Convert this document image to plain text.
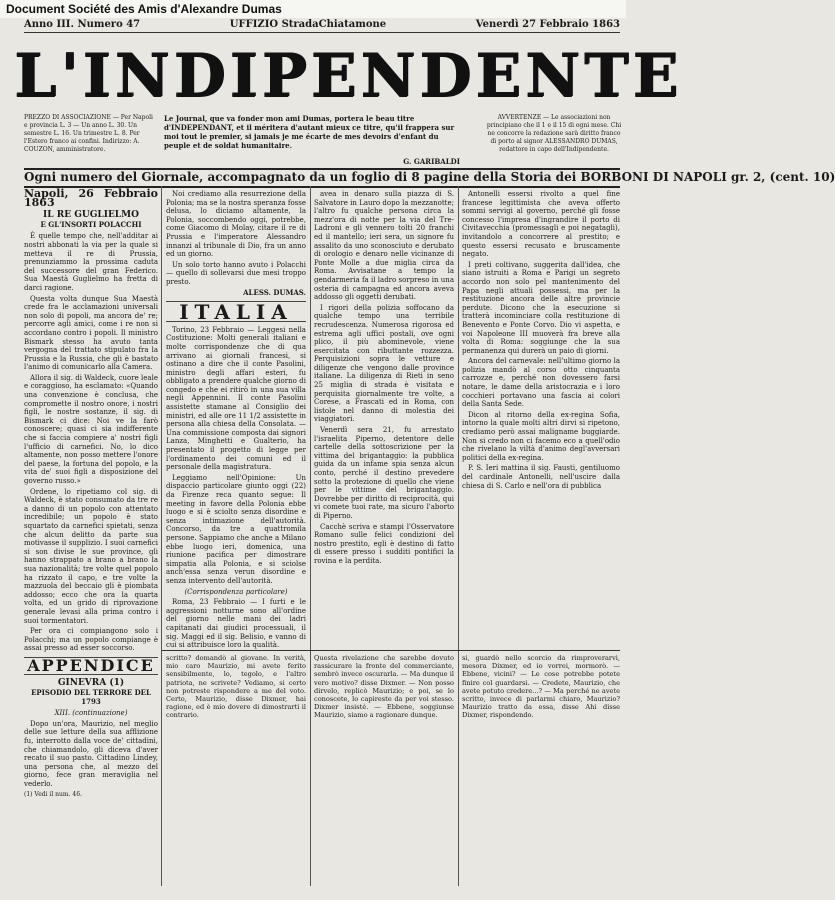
Document Société des Amis d'Alexandre Dumas
Anno III. Numero 47	UFFIZIO StradaChiatamone	Venerdì 27 Febbraio 1863
L'INDIPENDENTE
PREZZO DI ASSOCIAZIONE — Per Napoli e provincia L. 3 — Un anno L. 30. Un semestre L. 16. Un trimestre L. 8. Per l'Estero franco ai confini. Indirizzo: A. COUZON, amministratore.
Le Journal, que va fonder mon ami Dumas, portera le beau titre d'INDEPENDANT, et il méritera d'autant mieux ce titre, qu'il frappera sur moi tout le premier, si jamais je me écarte de mes devoirs d'enfant du peuple et de soldat humanitaire.
G. GARIBALDI
AVVERTENZE — Le associazioni non principiano che il 1 e il 15 di ogni mese. Chi ne concorre la redazione sarà diritto franco di porto al signor ALESSANDRO DUMAS, redattore in capo dell'Indipendente.
Ogni numero del Giornale, accompagnato da un foglio di 8 pagine della Storia dei BORBONI DI NAPOLI gr. 2, (cent. 10)
Napoli, 26 Febbraio 1863
IL RE GUGLIELMO
E GL'INSORTI POLACCHI

È quelle tempo che, nell'additar ai nostri abbonati la via per la quale si metteva il re di Prussia, prenunziammo la prossima caduta del successore del gran Federico. Sua Maestà Guglielmo ha fretta di darci ragione.

Questa volta dunque Sua Maestà crede fra le acclamazioni universali non solo di popoli, ma ancora de' re; percorre agli amici, come i re non si accordano contro i popoli. Il ministro Bismark stesso ha avuto tanta vergogna del trattato stipulato fra la Prussia e la Russia, che gli è bastato l'animo di comunicarlo alla Camera.

Allora il sig. di Waldeck, cuore leale e coraggioso, ha esclamato: «Quando una convenzione è conclusa, che compromette il nostro onore, i nostri figli, le nostre sostanze, il sig. di Bismark ci dice: Noi ve la farò conoscere; quasi ci sia indifferente che si faccia compiere a' nostri figli l'ufficio di carnefici. No, lo dico altamente, non posso mettere l'onore del paese, la fortuna del popolo, e la vita de' suoi figli a disposizione del governo russo.»

Ordene, lo ripetiamo col sig. di Waldeck, è stato consumato da tre re a danno di un popolo con attentato incredibile; un popolo è stato squartato da carnefici spietati, senza che alcun delitto da parte sua motivasse il supplizio. I suoi carnefici si son divise le sue province, gli hanno strappato a brano a brano la sua nazionalità; tre volte quel popolo ha rizzato il capo, e tre volte la mazzuola del beccaio gli è piombata addosso; ecco che ora la quarta volta, ed un grido di riprovazione generale levasi alla prima contro i suoi tormentatori.

Per ora ci compiangono solo i Polacchi; ma un popolo compiange è assai presso ad esser soccorso.

APPENDICE
GINEVRA (1)
EPISODIO DEL TERRORE DEL 1793
XIII. (continuazione)

Dopo un'ora, Maurizio, nel meglio delle sue letture della sua afflizione fu, interrotto dalla voce de' cittadini, che chiamandolo, gli diceva d'aver recato il suo pasto. Cittadino Lindey, una persona che, al mezzo del giorno, fece gran meraviglia nel vederlo.

(1) Vedi il num. 46.

Noi crediamo alla resurrezione della Polonia; ma se la nostra speranza fosse delusa, lo diciamo altamente, la Polonia, soccombendo oggi, potrebbe, come Giacomo di Molay, citare il re di Prussia e l'imperatore Alessandro innanzi al tribunale di Dio, fra un anno ed un giorno.

Un solo torto hanno avuto i Polacchi — quello di sollevarsi due mesi troppo presto.

ALESS. DUMAS.
ITALIA

Torino, 23 Febbraio — Leggesi nella Costituzione: Molti generali italiani e molte corrispondenze che di qua arrivano ai giornali francesi, si ostinano a dire che il conte Pasolini, ministro degli affari esteri, fu obbligato a prendere qualche giorno di congedo e che ei ritirò in una sua villa negli Appennini. Il conte Pasolini assistette stamane al Consiglio dei ministri, ed alle ore 11 1/2 assistette in persona alla chiesa della Consolata. — Una commissione composta dai signori Lanza, Minghetti e Gualterio, ha presentato il progetto di legge per l'ordinamento dei comuni ed il personale della magistratura.

Leggiamo nell'Opinione: Un dispaccio particolare giunto oggi (22) da Firenze reca quanto segue: Il meeting in favore della Polonia ebbe luogo e si è sciolto senza disordine e senza intimazione dell'autorità. Concorso, da tre a quattromila persone. Sappiamo che anche a Milano ebbe luogo ieri, domenica, una riunione pacifica per dimostrare simpatia alla Polonia, e si sciolse anch'essa senza verun disordine e senza intervento dell'autorità.

(Corrispondenza particolare)

Roma, 23 Febbraio — I furti e le aggressioni notturne sono all'ordine del giorno nelle mani dei ladri capitanati dai giudici processuali, il sig. Maggi ed il sig. Belisio, e vanno di cui si attribuisce loro la qualità.

avea in denaro sulla piazza di S. Salvatore in Lauro dopo la mezzanotte; l'altro fu qualche persona circa la mezz'ora di notte per la via del Tre-Ladroni e gli vennero tolti 20 franchi ed il mantello; ieri sera, un signore fu assalito da uno sconosciuto e derubato di orologio e denaro nelle vicinanze di Ponte Molle a due miglia circa da Roma. Avvisatane a tempo la gendarmeria fa il ladro sorpreso in una osteria di campagna ed ancora aveva addosso gli oggetti derubati.

I rigori della polizia soffocano da qualche tempo una terribile recrudescenza. Numerosa rigorosa ed estrema agli uffici postali, ove ogni plico, il più abominevole, viene esercitata con ributtante rozzezza. Perquisizioni sopra le vetture e diligenze che vengono dalle province italiane. La diligenza di Rieti in seno 25 miglia di strada è visitata e perquisita giornalmente tre volte, a Corese, a Frascati ed in Roma, con listole nel danno di molestia dei viaggiatori.

Venerdì sera 21, fu arrestato l'israelita Piperno, detentore delle cartelle della sottoscrizione per la vittima del brigantaggio: la pubblica guida da un infame spia senza alcun conto, perché il destino prevedere sotto la protezione di quello che viene per le vittime del brigantaggio. Dovrebbe per diritto di reciprocità, qui vi comete tuoi rate, ma sicuro l'aborto di Piperno.

Cacchè scriva e stampi l'Osservatore Romano sulle felici condizioni del nostro prestito, egli è destino di fatto di essere presso i sudditi pontifici la rovina e la perdita.

Antonelli essersi rivolto a quel fine francese legittimista che aveva offerto sommi servigi al governo, perché gli fosse concesso l'impresa d'ingrandire il porto di Civitavecchia (promessagli e poi negatagli), invitandolo a concorrere al prestito; e questo essersi recusato e bruscamente negato.

I preti coltivano, suggerita dall'idea, che siano istruiti a Roma e Parigi un segreto accordo non solo pel mantenimento del Papa negli attuali possessi, ma per la restituzione ancora delle altre provincie perdute. Dicono che la esecuzione si tratterà incominciare colla restituzione di Benevento e Ponte Corvo. Dio vi aspetta, e voi Napoleone III muoverà fra breve alla volta di Roma: soggiunge che la sua permanenza qui durerà un paio di giorni.

Ancora del carnevale: nell'ultimo giorno la polizia mandò al corso otto cinquanta carrozze e, perché non dovessero farsi notare, le dame della aristocrazia e i loro cocchieri portavano una fascia ai colori della Santa Sede.

Dicon al ritorno della ex-regina Sofia, intorno la quale molti altri dirvi si ripetono, crediamo però assai maligname buggiarde. Non si credo non ci facemo eco a quell'odio che rivelano la viltà d'animo degl'avversari politici della ex-regina.

P. S. Ieri mattina il sig. Fausti, gentiluomo del cardinale Antonelli, nell'uscire dalla chiesa di S. Carlo e nell'ora di pubblica

scritto? domandò al giovane. In verità, mio caro Maurizio, mi avete ferito sensibilmente, lo, tegolo, e l'altro patriota, ne scrivete? Vediamo, si certo non potreste rispondere a me del voto. Certo, Maurizio, disse Dixmer, hai ragione, ed è mio dovere di dimostrarti il contrario.
Questa rivelazione che sarebbe dovuto rassicurare la fronte del commerciante, sembrò invece oscurarla. — Ma dunque il vero motivo? disse Dixmer. — Non posso dirvelo, replicò Maurizio; e poi, se lo conoscete, lo capireste da per voi stesso. Dixmer insisté. — Ebbene, soggiunse Maurizio, siamo a ragionare dunque.
si, guardò nello scorcio da rimproverarvi, mesora Dixmer, ed io vorrei, mormorò. — Ebbene, vicini? — Le cose potrebbe potete finire col guardarsi. — Credete, Maurizio, che avete potuto credere...? — Ma perché ne avete scritto, invece di parlarmi chiaro, Maurizio? Maurizio tratto da essa, disse Ahi disse Dixmer, rispondendo.
